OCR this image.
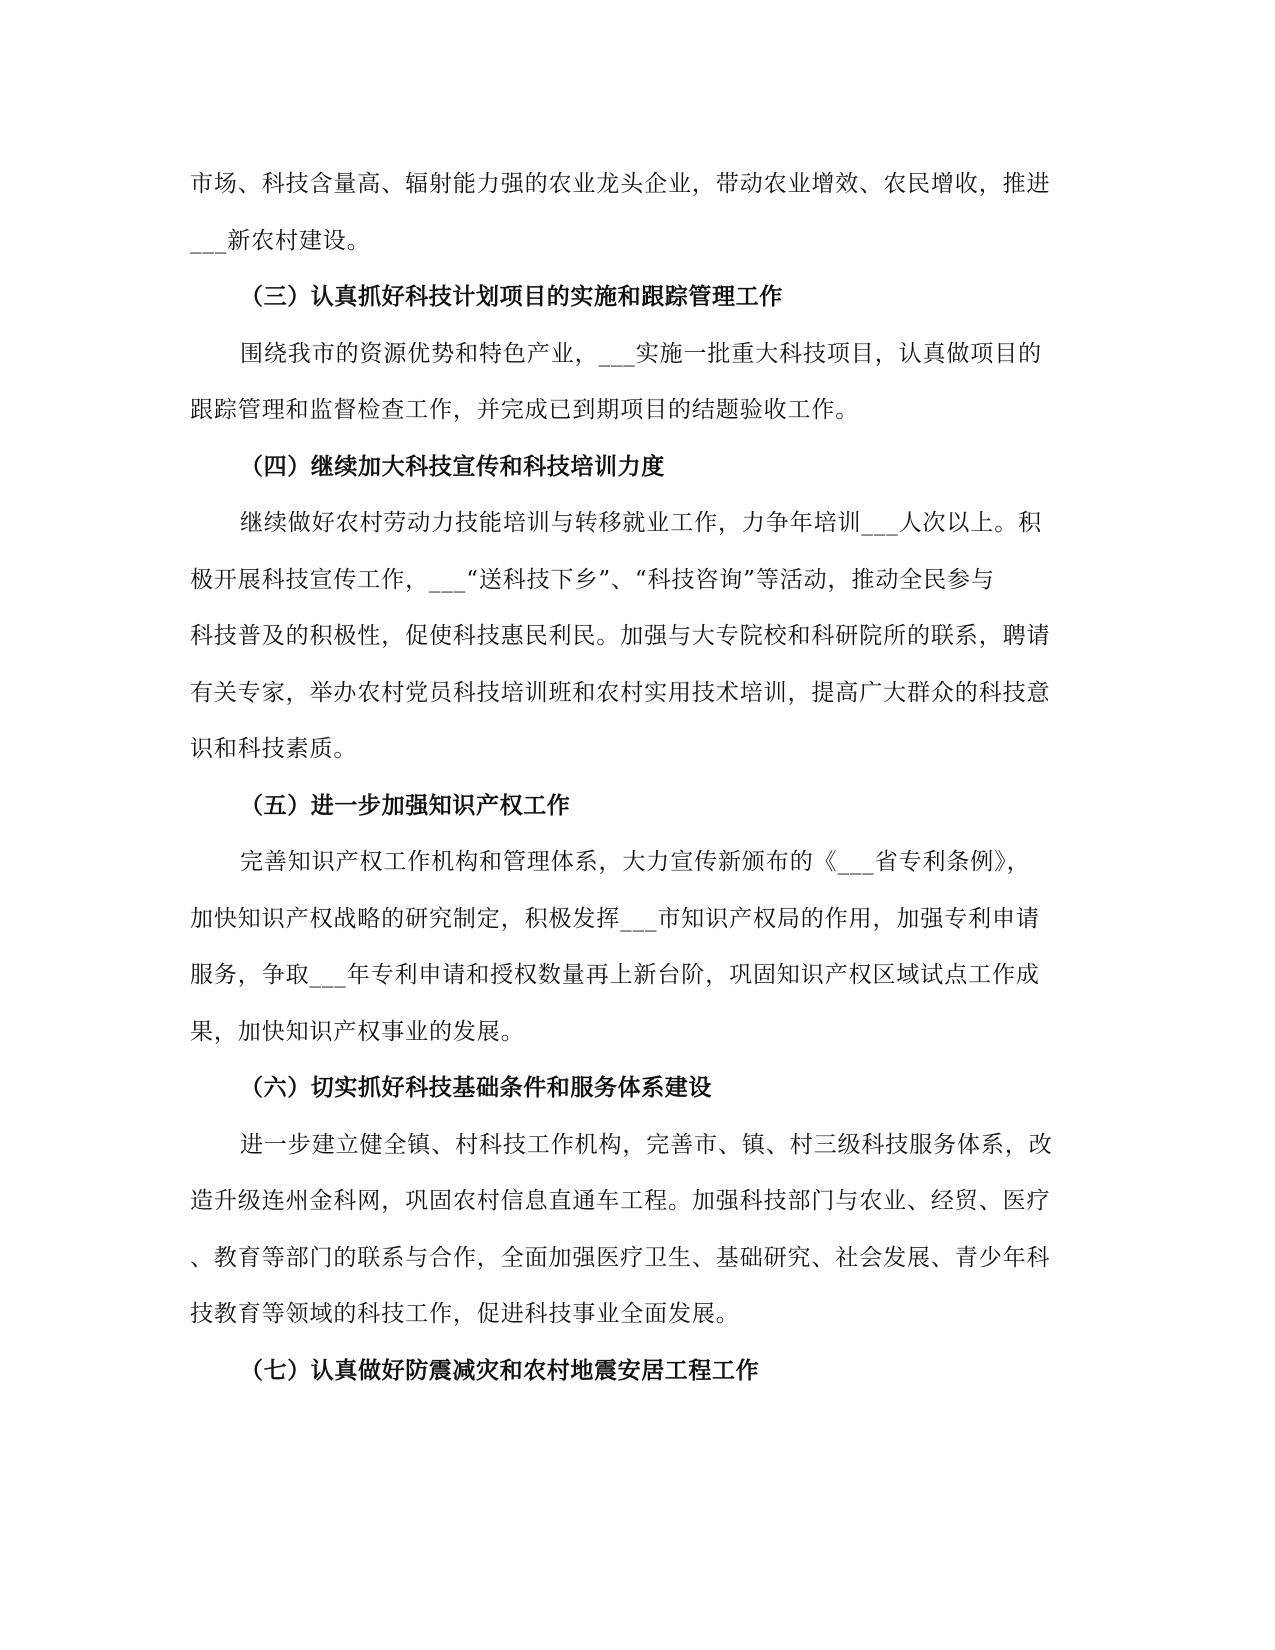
市场、科技含量高、辐射能力强的农业龙头企业，带动农业增效、农民增收，推进
___新农村建设。
（三）认真抓好科技计划项目的实施和跟踪管理工作
围绕我市的资源优势和特色产业，___实施一批重大科技项目，认真做项目的
跟踪管理和监督检查工作，并完成已到期项目的结题验收工作。
（四）继续加大科技宣传和科技培训力度
继续做好农村劳动力技能培训与转移就业工作，力争年培训___人次以上。积
极开展科技宣传工作，___“送科技下乡”、“科技咨询”等活动，推动全民参与
科技普及的积极性，促使科技惠民利民。加强与大专院校和科研院所的联系，聘请
有关专家，举办农村党员科技培训班和农村实用技术培训，提高广大群众的科技意
识和科技素质。
（五）进一步加强知识产权工作
完善知识产权工作机构和管理体系，大力宣传新颁布的《___省专利条例》，
加快知识产权战略的研究制定，积极发挥___市知识产权局的作用，加强专利申请
服务，争取___年专利申请和授权数量再上新台阶，巩固知识产权区域试点工作成
果，加快知识产权事业的发展。
（六）切实抓好科技基础条件和服务体系建设
进一步建立健全镇、村科技工作机构，完善市、镇、村三级科技服务体系，改
造升级连州金科网，巩固农村信息直通车工程。加强科技部门与农业、经贸、医疗
、教育等部门的联系与合作，全面加强医疗卫生、基础研究、社会发展、青少年科
技教育等领域的科技工作，促进科技事业全面发展。
（七）认真做好防震减灾和农村地震安居工程工作
